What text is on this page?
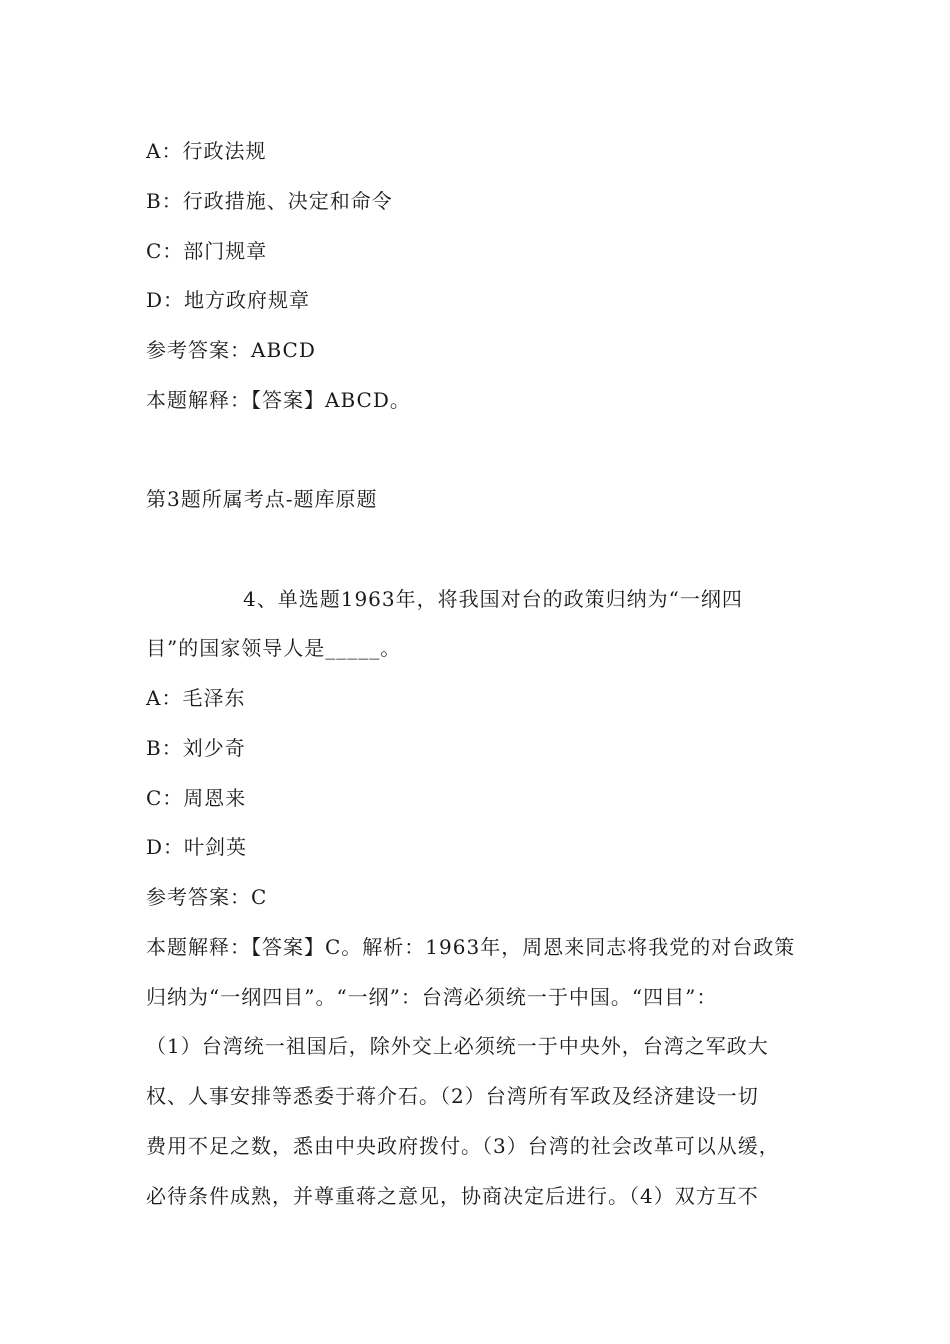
A：行政法规
B：行政措施、决定和命令
C：部门规章
D：地方政府规章
参考答案：ABCD
本题解释：【答案】ABCD。
第3题所属考点-题库原题
4、单选题1963年，将我国对台的政策归纳为“一纲四
目”的国家领导人是_____。
A：毛泽东
B：刘少奇
C：周恩来
D：叶剑英
参考答案：C
本题解释：【答案】C。解析：1963年，周恩来同志将我党的对台政策
归纳为“一纲四目”。“一纲”：台湾必须统一于中国。“四目”：
（1）台湾统一祖国后，除外交上必须统一于中央外，台湾之军政大
权、人事安排等悉委于蒋介石。（2）台湾所有军政及经济建设一切
费用不足之数，悉由中央政府拨付。（3）台湾的社会改革可以从缓，
必待条件成熟，并尊重蒋之意见，协商决定后进行。（4）双方互不
